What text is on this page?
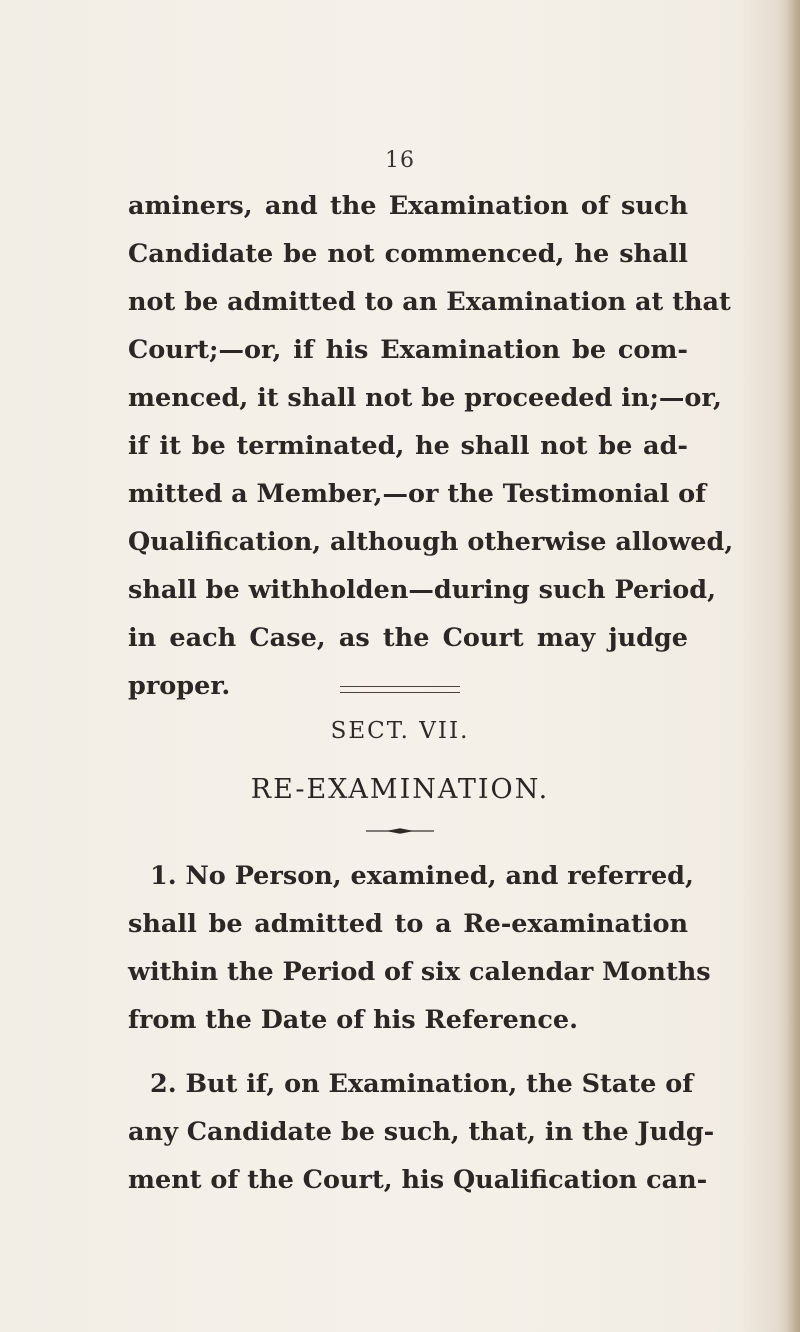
16
aminers, and the Examination of such
Candidate be not commenced, he shall
not be admitted to an Examination at that
Court;—or, if his Examination be com-
menced, it shall not be proceeded in;—or,
if it be terminated, he shall not be ad-
mitted a Member,—or the Testimonial of
Qualification, although otherwise allowed,
shall be withholden—during such Period,
in each Case, as the Court may judge
proper.
SECT. VII.
RE-EXAMINATION.
1. No Person, examined, and referred,
shall be admitted to a Re-examination
within the Period of six calendar Months
from the Date of his Reference.
2. But if, on Examination, the State of
any Candidate be such, that, in the Judg-
ment of the Court, his Qualification can-
